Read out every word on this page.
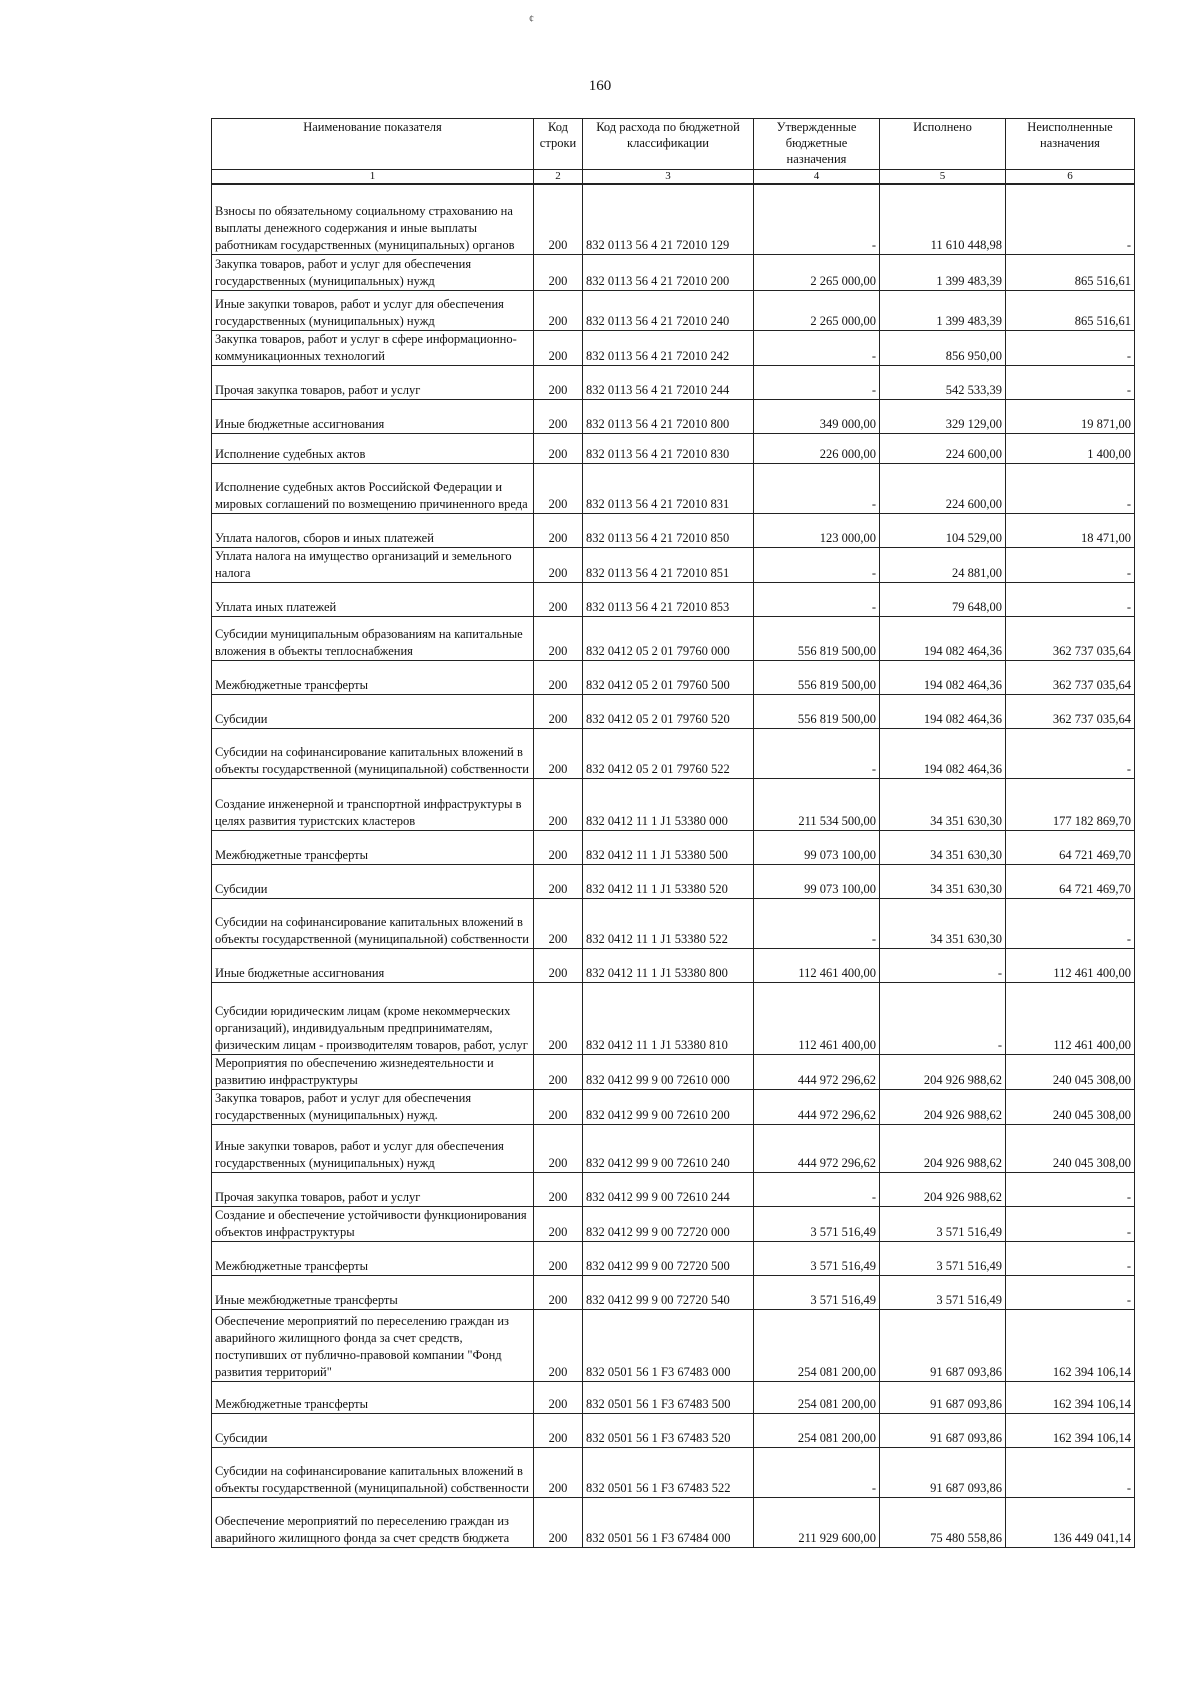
¢
160
Наименование показателя	Код строки	Код расхода по бюджетной классификации	Утвержденные бюджетные назначения	Исполнено	Неисполненные назначения
1	2	3	4	5	6
Взносы по обязательному социальному страхованию на выплаты денежного содержания и иные выплаты работникам государственных (муниципальных) органов	200	832 0113 56 4 21 72010 129	-	11 610 448,98	-
Закупка товаров, работ и услуг для обеспечения государственных (муниципальных) нужд	200	832 0113 56 4 21 72010 200	2 265 000,00	1 399 483,39	865 516,61
Иные закупки товаров, работ и услуг для обеспечения государственных (муниципальных) нужд	200	832 0113 56 4 21 72010 240	2 265 000,00	1 399 483,39	865 516,61
Закупка товаров, работ и услуг в сфере информационно-коммуникационных технологий	200	832 0113 56 4 21 72010 242	-	856 950,00	-
Прочая закупка товаров, работ и услуг	200	832 0113 56 4 21 72010 244	-	542 533,39	-
Иные бюджетные ассигнования	200	832 0113 56 4 21 72010 800	349 000,00	329 129,00	19 871,00
Исполнение судебных актов	200	832 0113 56 4 21 72010 830	226 000,00	224 600,00	1 400,00
Исполнение судебных актов Российской Федерации и мировых соглашений по возмещению причиненного вреда	200	832 0113 56 4 21 72010 831	-	224 600,00	-
Уплата налогов, сборов и иных платежей	200	832 0113 56 4 21 72010 850	123 000,00	104 529,00	18 471,00
Уплата налога на имущество организаций и земельного налога	200	832 0113 56 4 21 72010 851	-	24 881,00	-
Уплата иных платежей	200	832 0113 56 4 21 72010 853	-	79 648,00	-
Субсидии муниципальным образованиям на капитальные вложения в объекты теплоснабжения	200	832 0412 05 2 01 79760 000	556 819 500,00	194 082 464,36	362 737 035,64
Межбюджетные трансферты	200	832 0412 05 2 01 79760 500	556 819 500,00	194 082 464,36	362 737 035,64
Субсидии	200	832 0412 05 2 01 79760 520	556 819 500,00	194 082 464,36	362 737 035,64
Субсидии на софинансирование капитальных вложений в объекты государственной (муниципальной) собственности	200	832 0412 05 2 01 79760 522	-	194 082 464,36	-
Создание инженерной и транспортной инфраструктуры в целях развития туристских кластеров	200	832 0412 11 1 J1 53380 000	211 534 500,00	34 351 630,30	177 182 869,70
Межбюджетные трансферты	200	832 0412 11 1 J1 53380 500	99 073 100,00	34 351 630,30	64 721 469,70
Субсидии	200	832 0412 11 1 J1 53380 520	99 073 100,00	34 351 630,30	64 721 469,70
Субсидии на софинансирование капитальных вложений в объекты государственной (муниципальной) собственности	200	832 0412 11 1 J1 53380 522	-	34 351 630,30	-
Иные бюджетные ассигнования	200	832 0412 11 1 J1 53380 800	112 461 400,00	-	112 461 400,00
Субсидии юридическим лицам (кроме некоммерческих организаций), индивидуальным предпринимателям, физическим лицам - производителям товаров, работ, услуг	200	832 0412 11 1 J1 53380 810	112 461 400,00	-	112 461 400,00
Мероприятия по обеспечению жизнедеятельности и развитию инфраструктуры	200	832 0412 99 9 00 72610 000	444 972 296,62	204 926 988,62	240 045 308,00
Закупка товаров, работ и услуг для обеспечения государственных (муниципальных) нужд.	200	832 0412 99 9 00 72610 200	444 972 296,62	204 926 988,62	240 045 308,00
Иные закупки товаров, работ и услуг для обеспечения государственных (муниципальных) нужд	200	832 0412 99 9 00 72610 240	444 972 296,62	204 926 988,62	240 045 308,00
Прочая закупка товаров, работ и услуг	200	832 0412 99 9 00 72610 244	-	204 926 988,62	-
Создание и обеспечение устойчивости функционирования объектов инфраструктуры	200	832 0412 99 9 00 72720 000	3 571 516,49	3 571 516,49	-
Межбюджетные трансферты	200	832 0412 99 9 00 72720 500	3 571 516,49	3 571 516,49	-
Иные межбюджетные трансферты	200	832 0412 99 9 00 72720 540	3 571 516,49	3 571 516,49	-
Обеспечение мероприятий по переселению граждан из аварийного жилищного фонда за счет средств, поступивших от публично-правовой компании "Фонд развития территорий"	200	832 0501 56 1 F3 67483 000	254 081 200,00	91 687 093,86	162 394 106,14
Межбюджетные трансферты	200	832 0501 56 1 F3 67483 500	254 081 200,00	91 687 093,86	162 394 106,14
Субсидии	200	832 0501 56 1 F3 67483 520	254 081 200,00	91 687 093,86	162 394 106,14
Субсидии на софинансирование капитальных вложений в объекты государственной (муниципальной) собственности	200	832 0501 56 1 F3 67483 522	-	91 687 093,86	-
Обеспечение мероприятий по переселению граждан из аварийного жилищного фонда за счет средств бюджета	200	832 0501 56 1 F3 67484 000	211 929 600,00	75 480 558,86	136 449 041,14
